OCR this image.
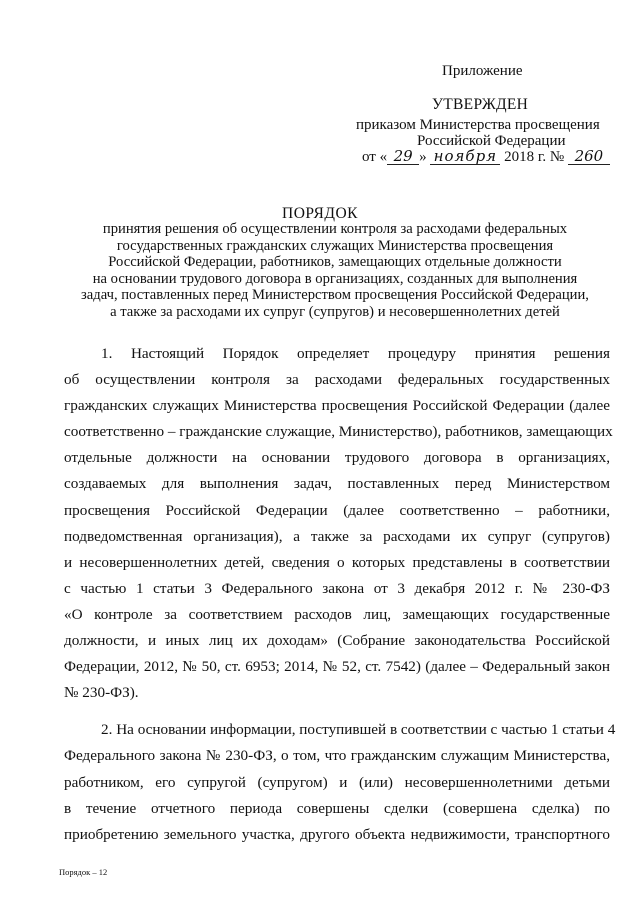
Приложение
УТВЕРЖДЕН
приказом Министерства просвещения
Российской Федерации
от « 29 » ноября 2018 г. № 260
ПОРЯДОК
принятия решения об осуществлении контроля за расходами федеральных
государственных гражданских служащих Министерства просвещения
Российской Федерации, работников, замещающих отдельные должности
на основании трудового договора в организациях, созданных для выполнения
задач, поставленных перед Министерством просвещения Российской Федерации,
а также за расходами их супруг (супругов) и несовершеннолетних детей
1. Настоящий Порядок определяет процедуру принятия решения
об осуществлении контроля за расходами федеральных государственных
гражданских служащих Министерства просвещения Российской Федерации (далее
соответственно – гражданские служащие, Министерство), работников, замещающих
отдельные должности на основании трудового договора в организациях,
создаваемых для выполнения задач, поставленных перед Министерством
просвещения Российской Федерации (далее соответственно – работники,
подведомственная организация), а также за расходами их супруг (супругов)
и несовершеннолетних детей, сведения о которых представлены в соответствии
с частью 1 статьи 3 Федерального закона от 3 декабря 2012 г. № 230-ФЗ
«О контроле за соответствием расходов лиц, замещающих государственные
должности, и иных лиц их доходам» (Собрание законодательства Российской
Федерации, 2012, № 50, ст. 6953; 2014, № 52, ст. 7542) (далее – Федеральный закон
№ 230-ФЗ).
2. На основании информации, поступившей в соответствии с частью 1 статьи 4
Федерального закона № 230-ФЗ, о том, что гражданским служащим Министерства,
работником, его супругой (супругом) и (или) несовершеннолетними детьми
в течение отчетного периода совершены сделки (совершена сделка) по
приобретению земельного участка, другого объекта недвижимости, транспортного
Порядок – 12
